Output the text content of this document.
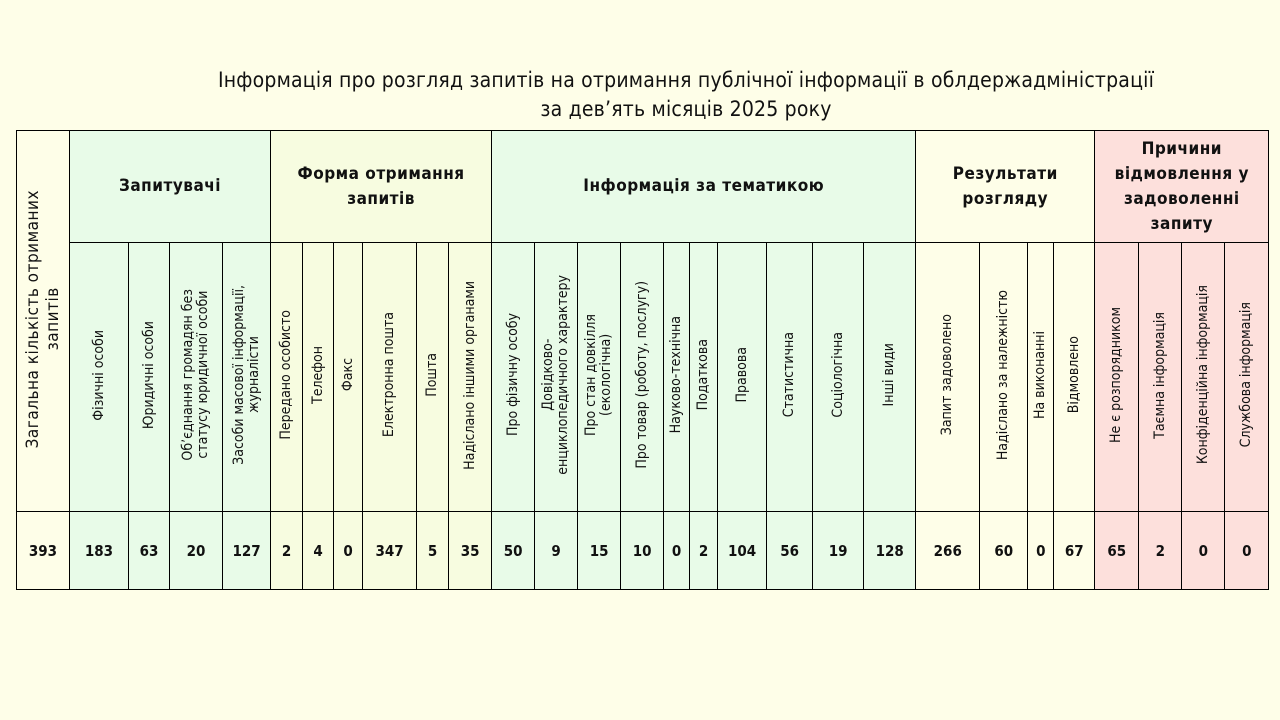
Інформація про розгляд запитів на отримання публічної інформації в облдержадміністрації
за дев’ять місяців 2025 року
Загальна кількість отриманих
запитів	Запитувачі				Форма отримання запитів						Інформація за тематикою										Результати розгляду				Причини відмовлення у задоволенні запиту			
	Фізичні особи	Юридичні особи	Об’єднання громадян без
статусу юридичної особи	Засоби масової інформації,
журналісти	Передано особисто	Телефон	Факс	Електронна пошта	Пошта	Надіслано іншими органами	Про фізичну особу	Довідково-
енциклопедичного характеру	Про стан довкілля
(екологічна)	Про товар (роботу, послугу)	Науково-технічна	Податкова	Правова	Статистична	Соціологічна	Інші види	Запит задоволено	Надіслано за належністю	На виконанні	Відмовлено	Не є розпорядником	Таємна інформація	Конфіденційна інформація	Службова інформація
393	183	63	20	127	2	4	0	347	5	35	50	9	15	10	0	2	104	56	19	128	266	60	0	67	65	2	0	0
